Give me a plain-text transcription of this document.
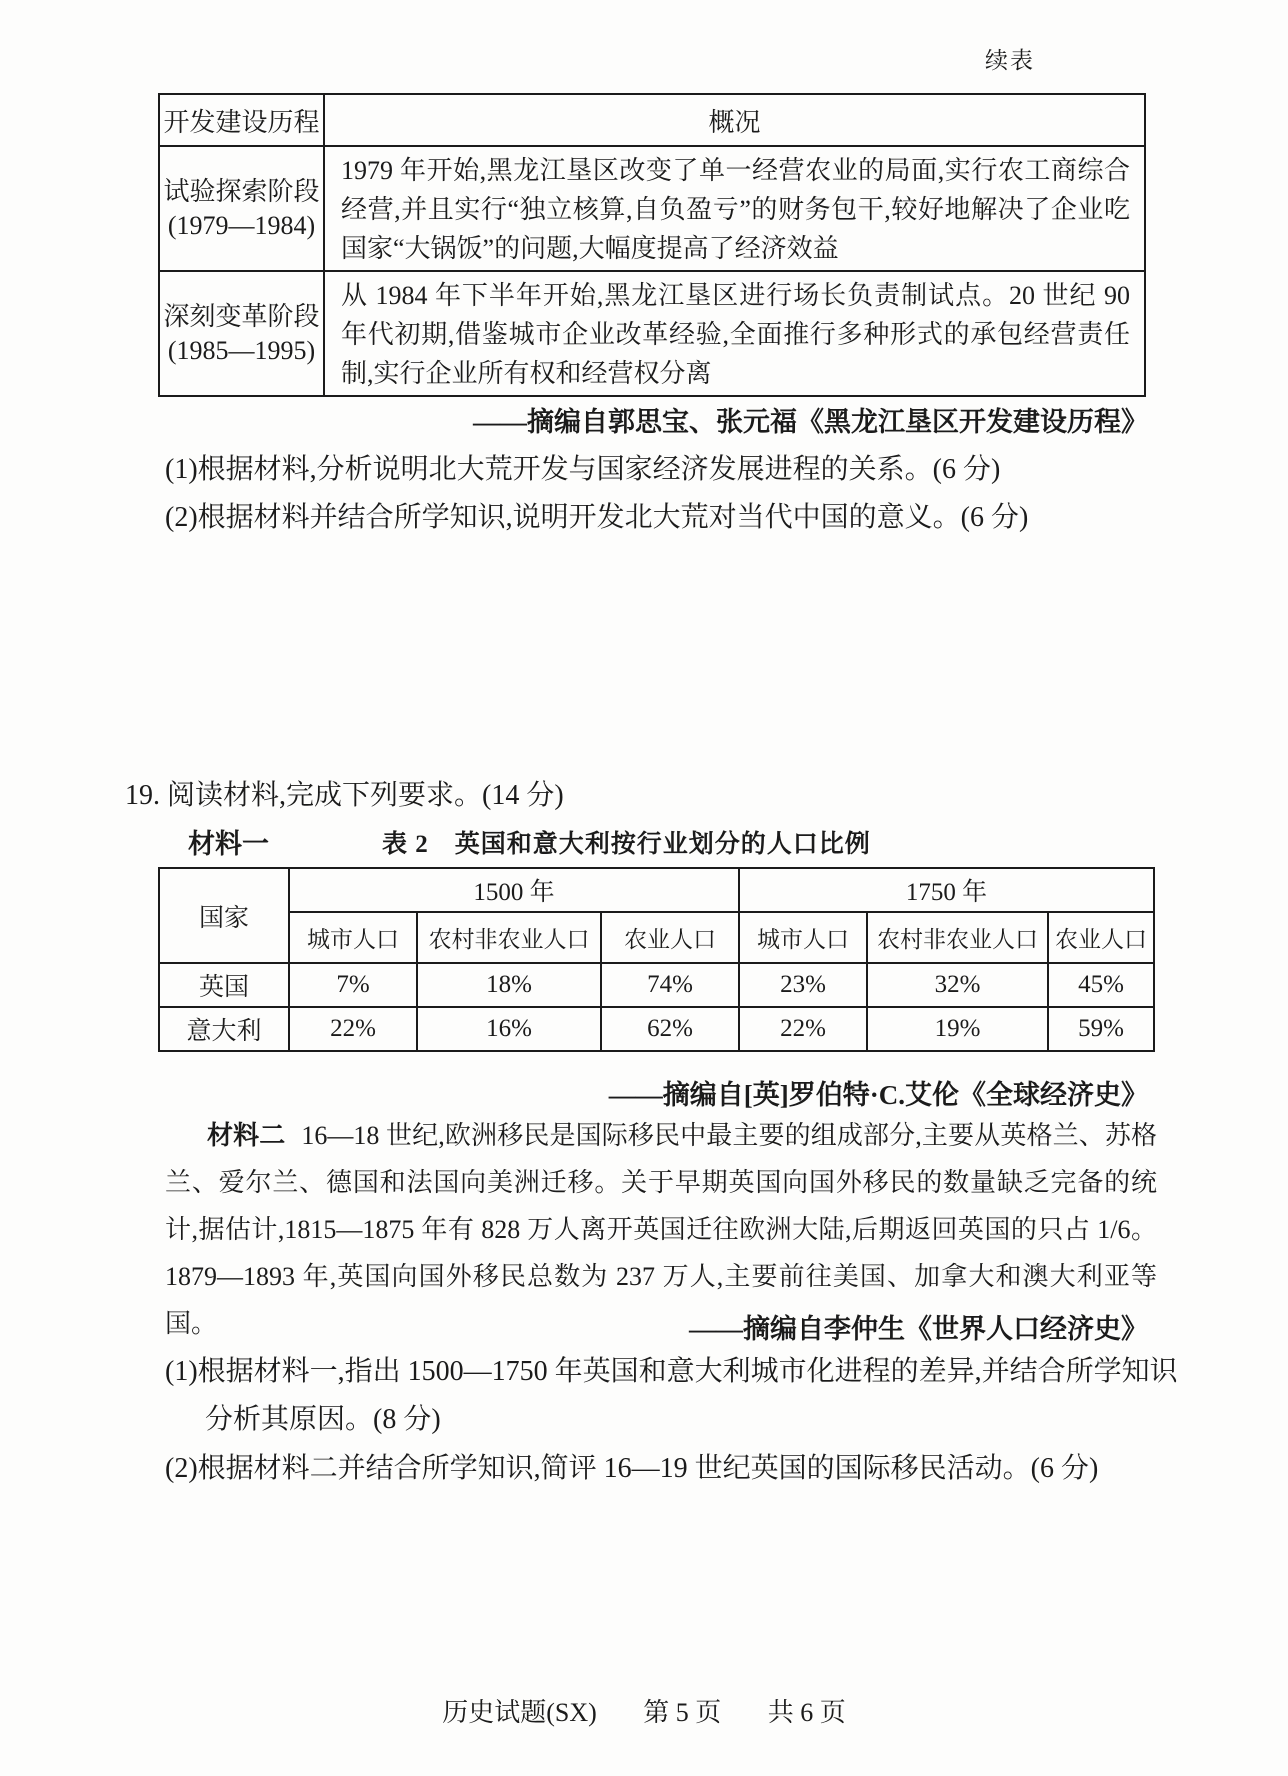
续表
开发建设历程	概况

试验探索阶段
(1979—1984)	1979 年开始,黑龙江垦区改变了单一经营农业的局面,实行农工商综合经营,并且实行“独立核算,自负盈亏”的财务包干,较好地解决了企业吃国家“大锅饭”的问题,大幅度提高了经济效益

深刻变革阶段
(1985—1995)	从 1984 年下半年开始,黑龙江垦区进行场长负责制试点。20 世纪 90 年代初期,借鉴城市企业改革经验,全面推行多种形式的承包经营责任制,实行企业所有权和经营权分离
——摘编自郭思宝、张元福《黑龙江垦区开发建设历程》
(1)根据材料,分析说明北大荒开发与国家经济发展进程的关系。(6 分)
(2)根据材料并结合所学知识,说明开发北大荒对当代中国的意义。(6 分)
19. 阅读材料,完成下列要求。(14 分)
材料一	表 2　英国和意大利按行业划分的人口比例
国家	1500 年			1750 年		
	城市人口	农村非农业人口	农业人口	城市人口	农村非农业人口	农业人口
英国	7%	18%	74%	23%	32%	45%
意大利	22%	16%	62%	22%	19%	59%
——摘编自[英]罗伯特·C.艾伦《全球经济史》

材料二 16—18 世纪,欧洲移民是国际移民中最主要的组成部分,主要从英格兰、苏格兰、爱尔兰、德国和法国向美洲迁移。关于早期英国向国外移民的数量缺乏完备的统计,据估计,1815—1875 年有 828 万人离开英国迁往欧洲大陆,后期返回英国的只占 1/6。1879—1893 年,英国向国外移民总数为 237 万人,主要前往美国、加拿大和澳大利亚等国。	——摘编自李仲生《世界人口经济史》
(1)根据材料一,指出 1500—1750 年英国和意大利城市化进程的差异,并结合所学知识分析其原因。(8 分)
(2)根据材料二并结合所学知识,简评 16—19 世纪英国的国际移民活动。(6 分)
历史试题(SX) 第 5 页 共 6 页
